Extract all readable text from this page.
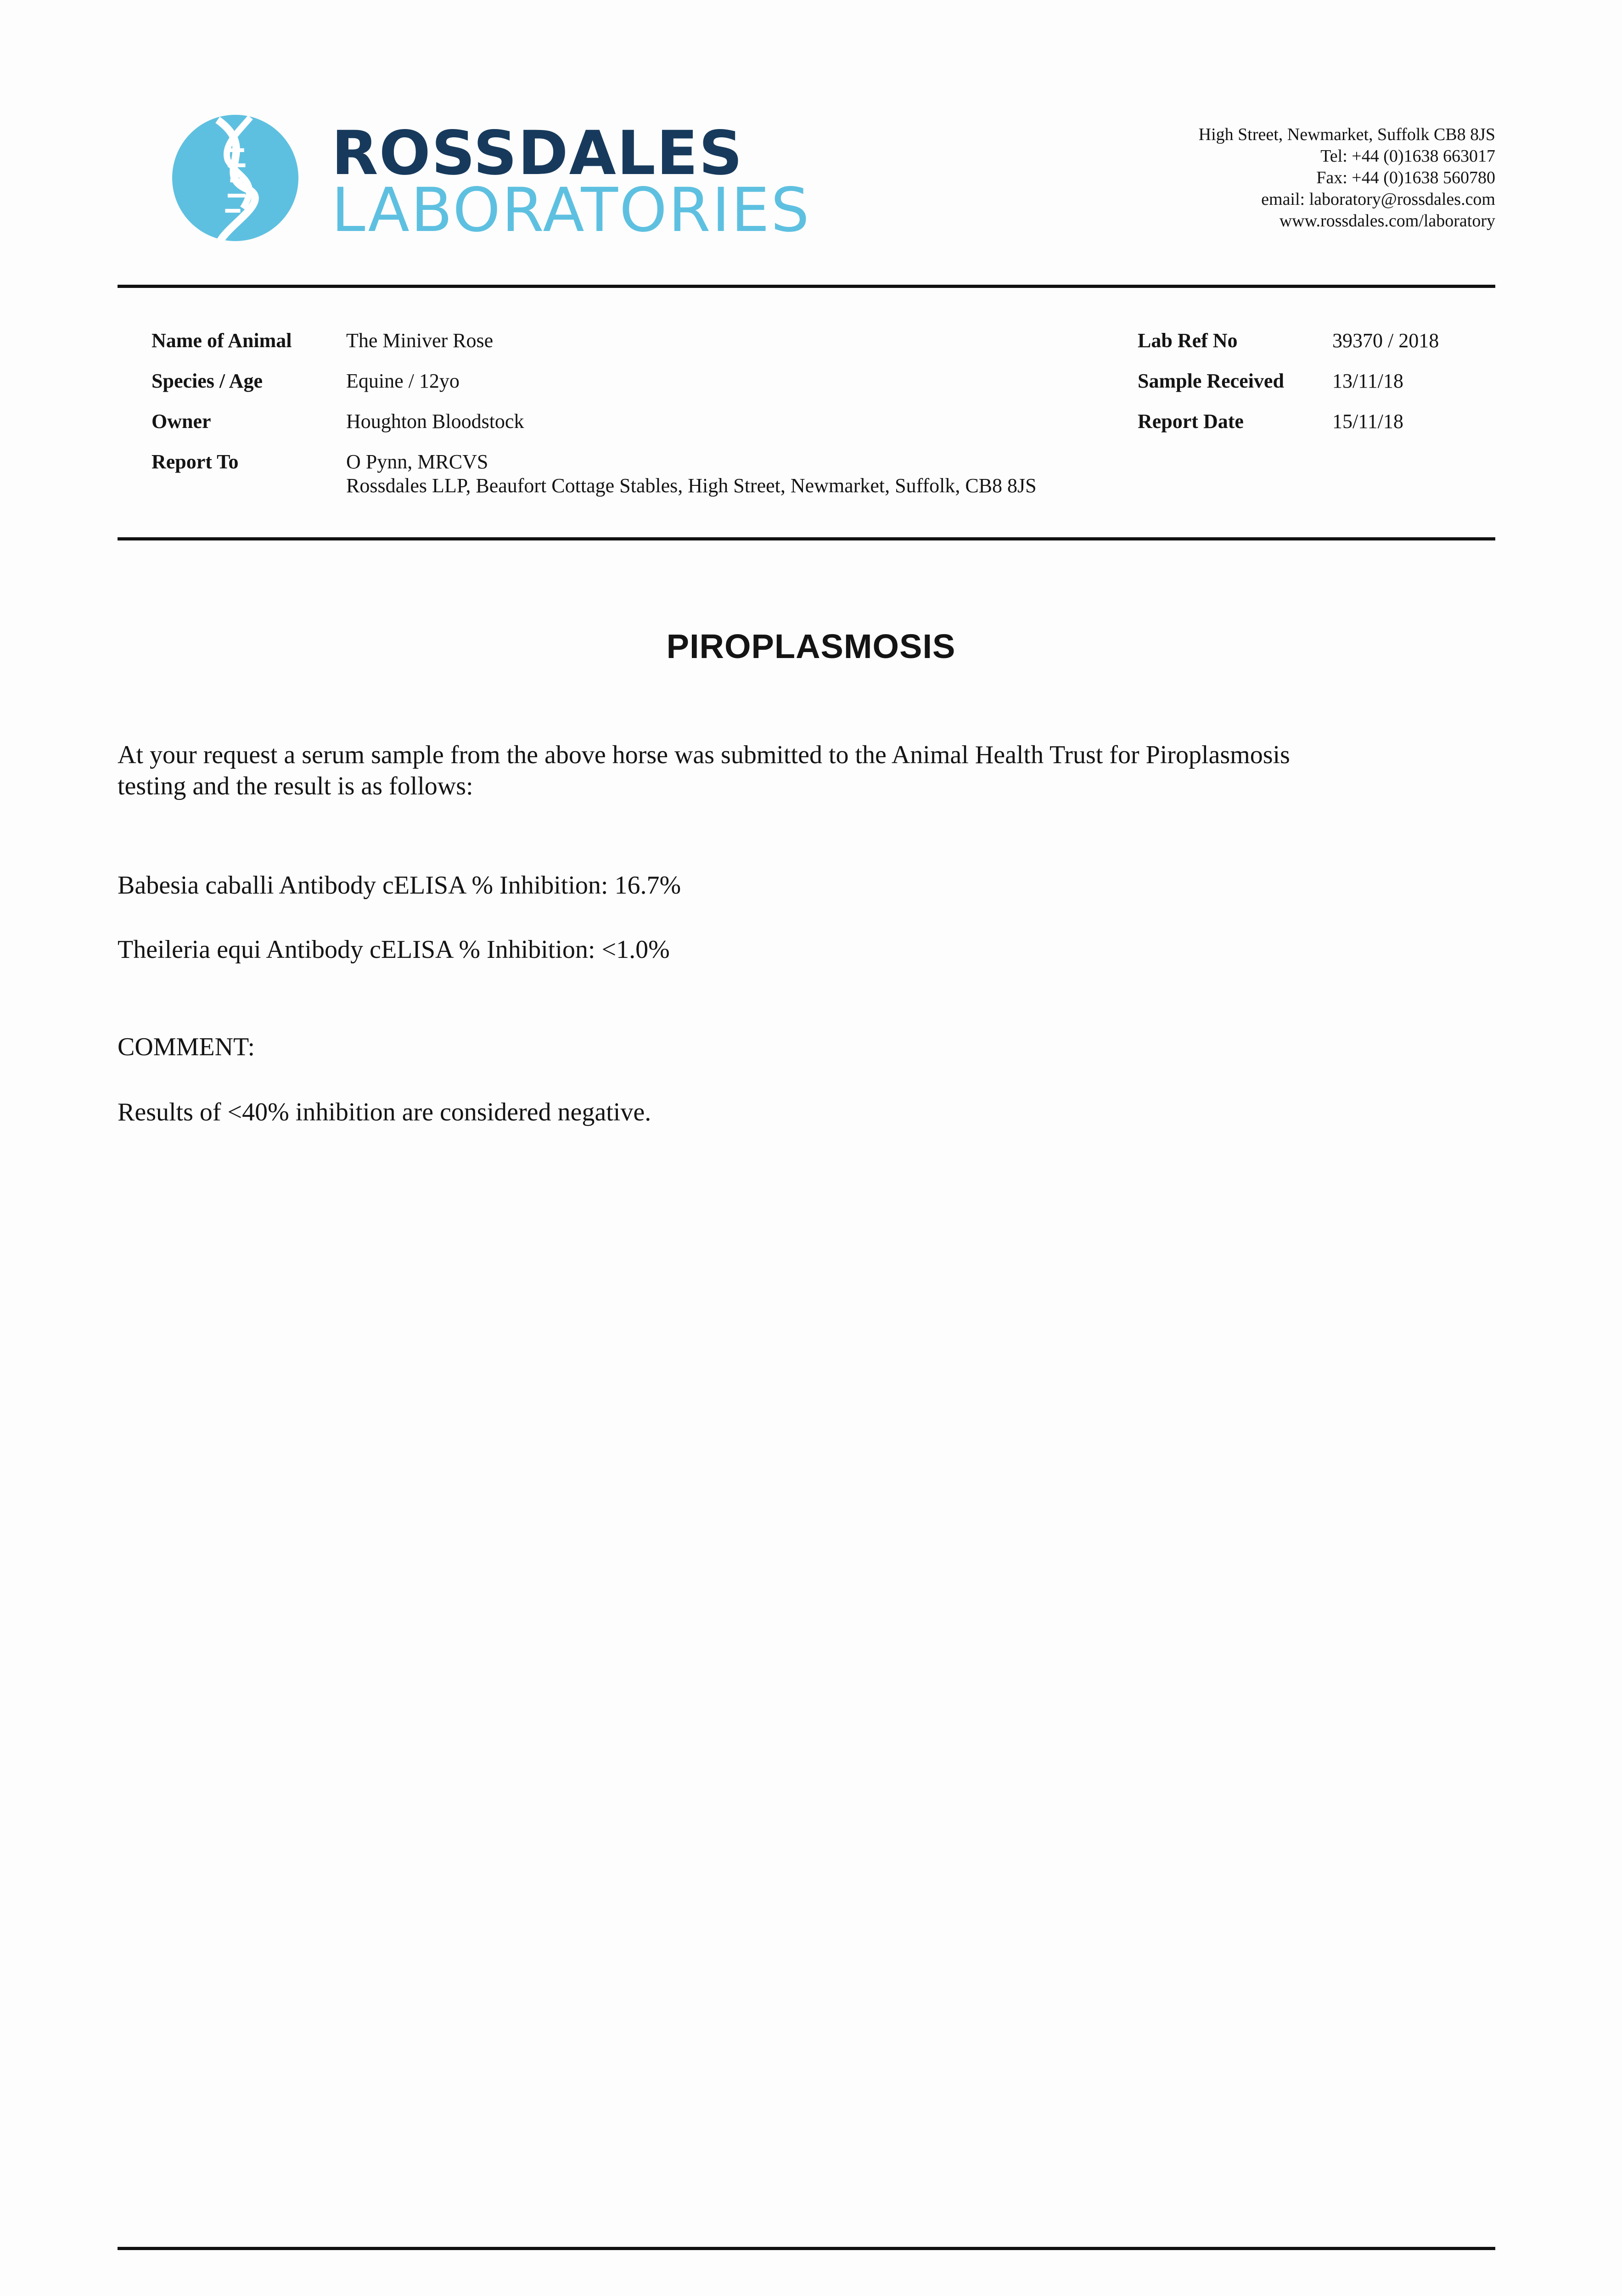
ROSSDALES
LABORATORIES
High Street, Newmarket, Suffolk CB8 8JS
Tel: +44 (0)1638 663017
Fax: +44 (0)1638 560780
email: laboratory@rossdales.com
www.rossdales.com/laboratory
Name of Animal	The Miniver Rose
Species / Age	Equine / 12yo
Owner	Houghton Bloodstock
Report To	O Pynn, MRCVS
Rossdales LLP, Beaufort Cottage Stables, High Street, Newmarket, Suffolk, CB8 8JS
Lab Ref No	39370 / 2018
Sample Received 13/11/18
Report Date	15/11/18
PIROPLASMOSIS
At your request a serum sample from the above horse was submitted to the Animal Health Trust for Piroplasmosis
testing and the result is as follows:
Babesia caballi Antibody cELISA % Inhibition: 16.7%
Theileria equi Antibody cELISA % Inhibition: <1.0%
COMMENT:
Results of <40% inhibition are considered negative.
